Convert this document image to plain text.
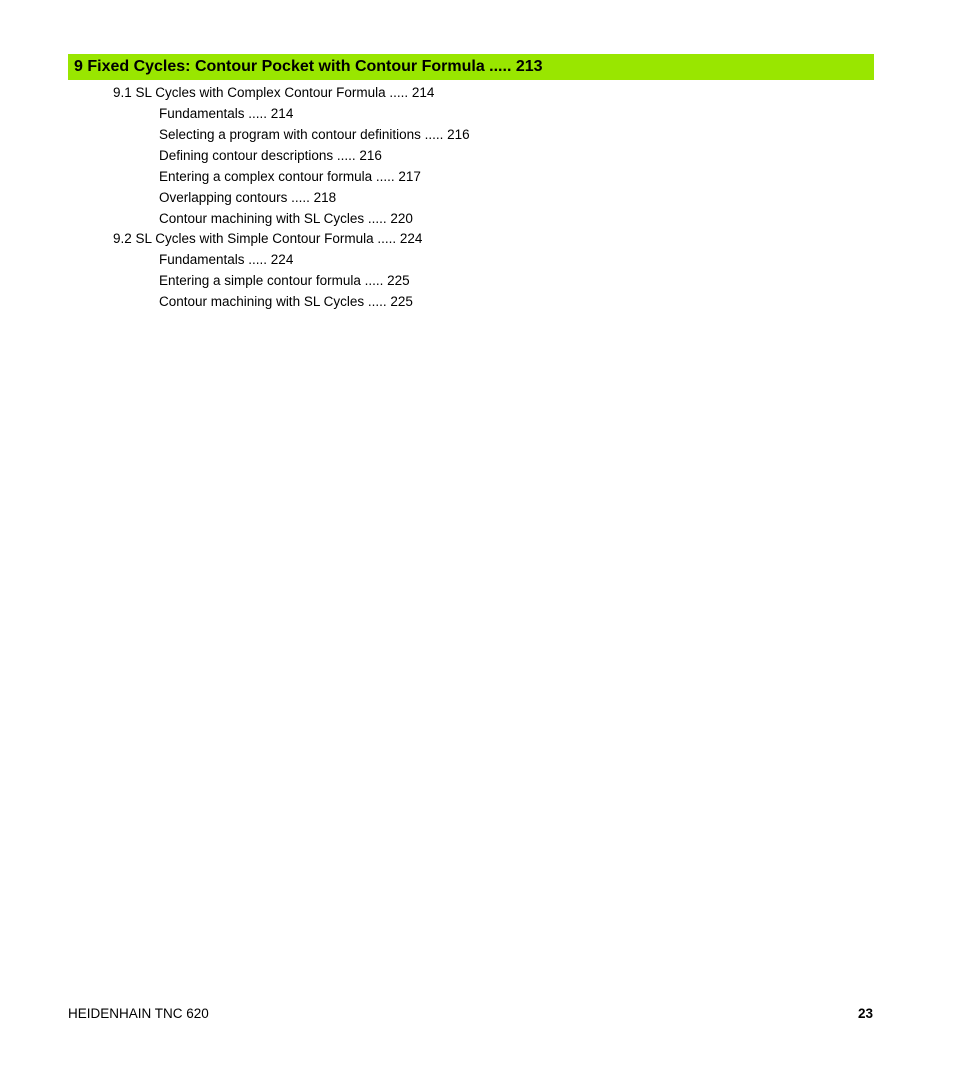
9 Fixed Cycles: Contour Pocket with Contour Formula ..... 213
9.1 SL Cycles with Complex Contour Formula ..... 214
Fundamentals ..... 214
Selecting a program with contour definitions ..... 216
Defining contour descriptions ..... 216
Entering a complex contour formula ..... 217
Overlapping contours ..... 218
Contour machining with SL Cycles ..... 220
9.2 SL Cycles with Simple Contour Formula ..... 224
Fundamentals ..... 224
Entering a simple contour formula ..... 225
Contour machining with SL Cycles ..... 225
HEIDENHAIN TNC 620	23
